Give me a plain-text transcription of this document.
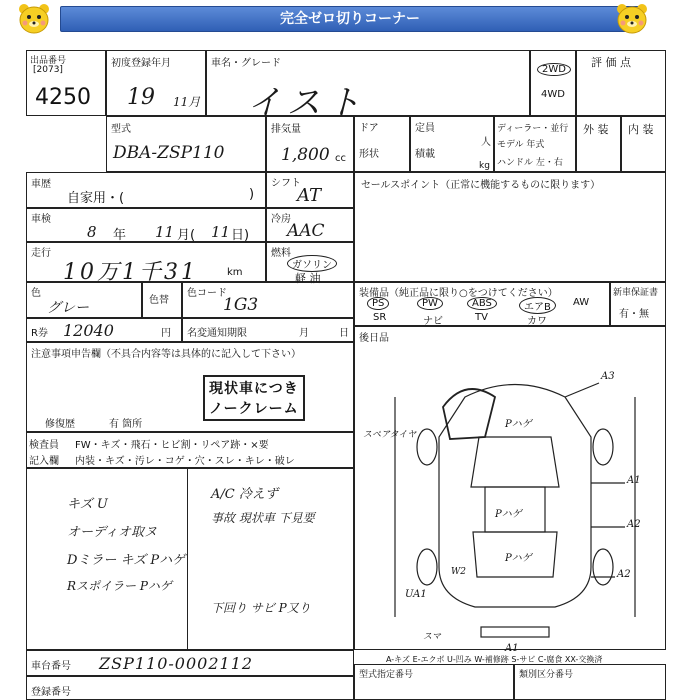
完全ゼロ切りコーナー
出品番号
[2073]
4250
初度登録年月
19 11月
車名・グレード
イスト
2WD
4WD
評 価 点
型式
DBA-ZSP110
排気量
1,800 cc
ドア
形状
定員
人
積載
kg
ディーラー・並行
モデル 年式
ハンドル 左・右
外 装 内 装
車歴
自家用・(	)
シフト
AT
車検
8 年 11 月( 11 日)
冷房
AAC
走行
10万1千31	km
燃料
ガソリン
軽 油
色
グレー	色替
色コード
1G3
R券 12040	円 名変通知期限	月	日
セールスポイント（正常に機能するものに限ります）
装備品（純正品に限り○をつけてください）
PS	PW	ABS	エアB	AW
SR	ナビ	TV	カワ
新車保証書
有・無
後日品
A3
Pハゲ
スペアタイヤ
Pハゲ
A1
A2
Pハゲ
A2
UA1
A1
スマ
W2
A-キズ E-エクボ U-凹み W-補修跡 S-サビ C-腐食 XX-交換済
注意事項申告欄（不具合内容等は具体的に記入して下さい）
現状車につき
ノークレーム
修復歴	有 箇所
検査員
記入欄
FW・キズ・飛石・ヒビ割・リペア跡・×要
内装・キズ・汚レ・コゲ・穴・スレ・キレ・破レ
キズ U
オーディオ取ヌ
Dミラー キズ Pハゲ
Rスポイラー Pハゲ
A/C 冷えず
事故 現状車 下見要
下回り サビ P又り
車台番号 ZSP110-0002112
登録番号
型式指定番号	類別区分番号
